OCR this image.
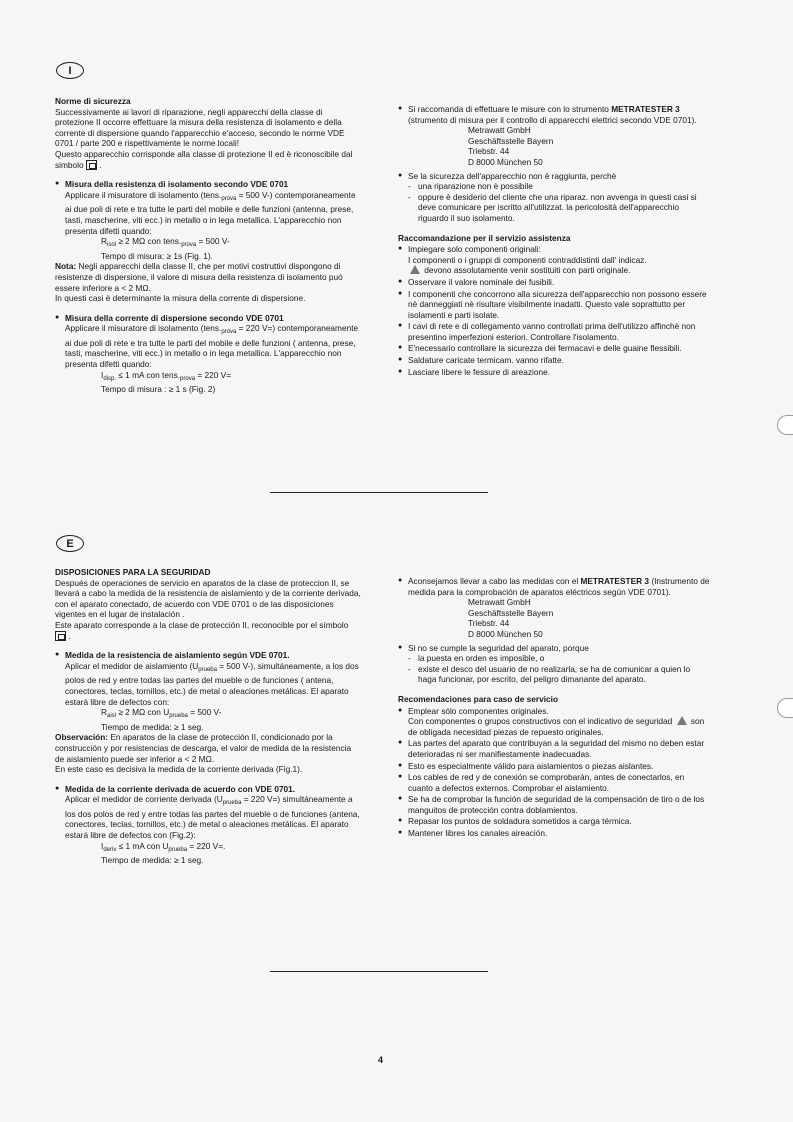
I

Norme di sicurezza

Successivamente ai lavori di riparazione, negli apparecchi della classe di protezione II occorre effettuare la misura della resistenza di isolamento e della corrente di dispersione quando l'apparecchio e'acceso, secondo le norme VDE 0701 / parte 200 e rispettivamente le norme locali!

Questo apparecchio corrisponde alla classe di protezione II ed è riconoscibile dal simbolo  .

● Misura della resistenza di isolamento secondo VDE 0701

Applicare il misuratore di isolamento ($tens._{prova} = 500$ V-) contemporaneamente ai due poli di rete e tra tutte le parti del mobile e delle funzioni (antenna, prese, tasti, mascherine, viti ecc.) in metallo o in lega metallica. L'apparecchio non presenta difetti quando:

$R_{isol} \ge 2$ MΩ con $tens._{prova} = 500$ V-

Tempo di misura: ≥ 1s (Fig. 1).

Nota: Negli apparecchi della classe II, che per motivi costruttivi dispongono di resistenze di dispersione, il valore di misura della resistenza di isolamento può essere inferiore a < 2 MΩ.

In questi casi è determinante la misura della corrente di dispersione.

● Misura della corrente di dispersione secondo VDE 0701

Applicare il misuratore di isolamento ($tens._{prova} = 220$ V=) contemporaneamente ai due poli di rete e tra tutte le parti del mobile e delle funzioni ( antenna, prese, tasti, mascherine, viti ecc.) in metallo o in lega metallica. L'apparecchio non presenta difetti quando:

$I_{disp.} \le 1$ mA con $tens._{prova} = 220$ V=

Tempo di misura : ≥ 1 s (Fig. 2)

● Si raccomanda di effettuare le misure con lo strumento METRATESTER 3 (strumento di misura per il controllo di apparecchi elettrici secondo VDE 0701).

Metrawatt GmbH

Geschäftsstelle Bayern

Triebstr. 44

D 8000 München 50

● Se la sicurezza dell'apparecchio non è raggiunta, perchè

- una riparazione non è possibile

- oppure è desiderio del cliente che una riparaz. non avvenga in questi casi si deve comunicare per iscritto all'utilizzat. la pericolosità dell'apparecchio riguardo il suo isolamento.

Raccomandazione per il servizio assistenza

● Impiegare solo componenti originali:

I componenti o i gruppi di componenti contraddistinti dall' indicaz.

devono assolutamente venir sostituiti con parti originale.

● Osservare il valore nominale dei fusibili.

● I componenti che concorrono alla sicurezza dell'apparecchio non possono essere nè danneggiati nè risultare visibilmente inadatti. Questo vale soprattutto per isolamenti e parti isolate.

● I cavi di rete e di collegamento vanno controllati prima dell'utilizzo affinchè non presentino imperfezioni esteriori. Controllare l'isolamento.

● E'necessario controllare la sicurezza dei fermacavi e delle guaine flessibili.

● Saldature caricate termicam. vanno rifatte.

● Lasciare libere le fessure di areazione.

E

DISPOSICIONES PARA LA SEGURIDAD

Después de operaciones de servicio en aparatos de la clase de proteccion II, se llevará a cabo la medida de la resistencia de aislamiento y de la corriente derivada, con el aparato conectado, de acuerdo con VDE 0701 o de las disposiciones vigentes en el lugar de instalación .

Este aparato corresponde a la clase de protección II, reconocible por el símbolo  .

● Medida de la resistencia de aislamiento según VDE 0701.

Aplicar el medidor de aislamiento ($U_{prueba} = 500$ V-), simultáneamente, a los dos polos de red y entre todas las partes del mueble o de funciones ( antena, conectores, teclas, tornillos, etc.) de metal o aleaciones metálicas. El aparato estará libre de defectos con:

$R_{aisl} \ge 2$ MΩ con $U_{prueba} = 500$ V-

Tiempo de medida: ≥ 1 seg.

Observación: En aparatos de la clase de protección II, condicionado por la construcción y por resistencias de descarga, el valor de medida de la resistencia de aislamiento puede ser inferior a < 2 MΩ.

En este caso es decisiva la medida de la corriente derivada (Fig.1).

● Medida de la corriente derivada de acuerdo con VDE 0701.

Aplicar el medidor de corriente derivada ($U_{prueba} = 220$ V=) simultáneamente a los dos polos de red y entre todas las partes del mueble o de funciones (antena, conectores, teclas, tornillos, etc.) de metal o aleaciones metálicas. El aparato estará libre de defectos con (Fig.2):

$I_{deriv} \le 1$ mA con $U_{prueba} = 220$ V=.

Tiempo de medida: ≥ 1 seg.

● Aconsejamos llevar a cabo las medidas con el METRATESTER 3 (Instrumento de medida para la comprobación de aparatos eléctricos según VDE 0701).

Metrawatt GmbH

Geschäftsstelle Bayern

Triebstr. 44

D 8000 München 50

● Si no se cumple la seguridad del aparato, porque

- la puesta en orden es imposible, o

- existe el desco del usuario de no realizarla, se ha de comunicar a quien lo haga funcionar, por escrito, del peligro dimanante del aparato.

Recomendaciones para caso de servicio

● Emplear sólo componentes originales.

Con componentes o grupos constructivos con el indicativo de seguridad  son de obligada necesidad piezas de repuesto originales.

● Las partes del aparato que contribuyan a la seguridad del mismo no deben estar deterioradas ni ser manifiestamente inadecuadas.

● Esto es especialmente válido para aislamientos o piezas aislantes.

● Los cables de red y de conexión se comprobarán, antes de conectarlos, en cuanto a defectos externos. Comprobar el aislamiento.

● Se ha de comprobar la función de seguridad de la compensación de tiro o de los manguitos de protección contra doblamientos.

● Repasar los puntos de soldadura sometidos a carga térmica.

● Mantener libres los canales aireación.

4
